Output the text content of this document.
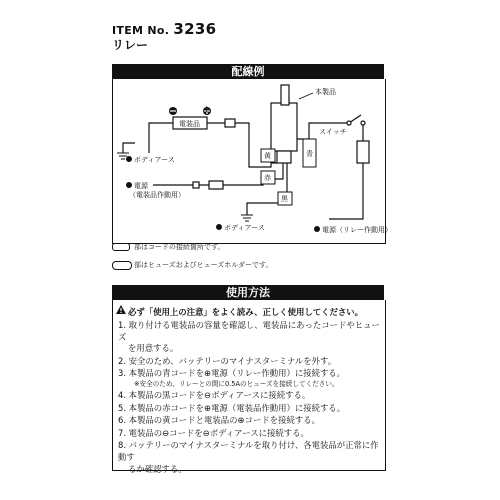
ITEM No. 3236
リレー
配線例
−	+
電装品
本製品
スイッチ
ボディアース
電源
（電装品作動用）
ボディアース	電源（リレー作動用）
黄
赤
黒
青
部はコードの接続箇所です。
部はヒューズおよびヒューズホルダーです。
使用方法
必ず「使用上の注意」をよく読み、正しく使用してください。
1. 取り付ける電装品の容量を確認し、電装品にあったコードやヒューズ
を用意する。
2. 安全のため、バッテリーのマイナスターミナルを外す。
3. 本製品の青コードを⊕電源（リレー作動用）に接続する。
※安全のため、リレーとの間に0.5Aのヒューズを接続してください。
4. 本製品の黒コードを⊖ボディアースに接続する。
5. 本製品の赤コードを⊕電源（電装品作動用）に接続する。
6. 本製品の黄コードと電装品の⊕コードを接続する。
7. 電装品の⊖コードを⊖ボディアースに接続する。
8. バッテリーのマイナスターミナルを取り付け、各電装品が正常に作動す
るか確認する。
